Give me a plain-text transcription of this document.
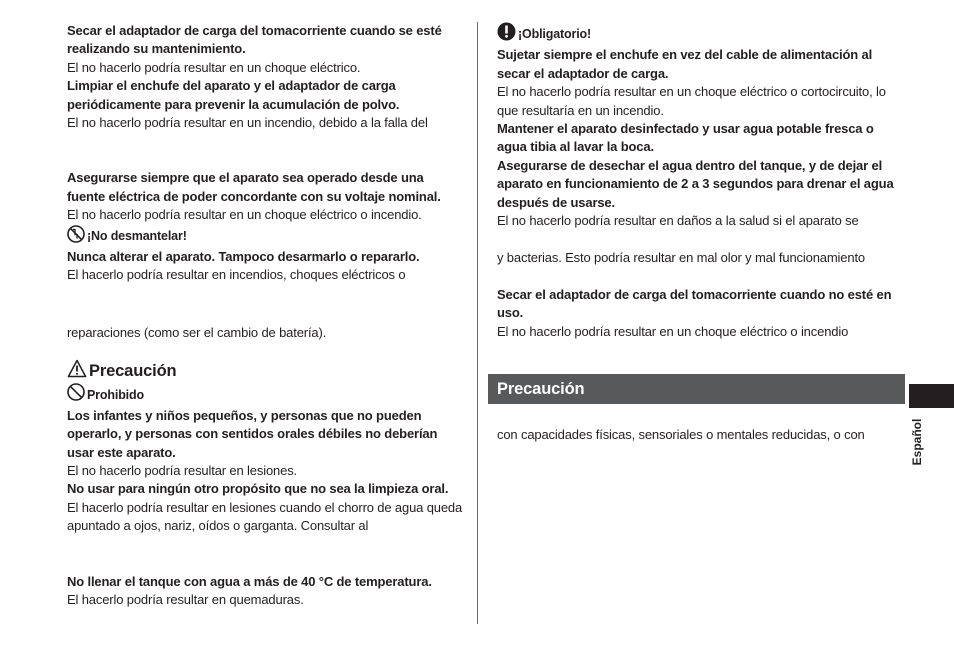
Secar el adaptador de carga del tomacorriente cuando se esté realizando su mantenimiento.

El no hacerlo podría resultar en un choque eléctrico.

Limpiar el enchufe del aparato y el adaptador de carga periódicamente para prevenir la acumulación de polvo.

El no hacerlo podría resultar en un incendio, debido a la falla del

Asegurarse siempre que el aparato sea operado desde una fuente eléctrica de poder concordante con su voltaje nominal.

El no hacerlo podría resultar en un choque eléctrico o incendio.

¡No desmantelar!

Nunca alterar el aparato. Tampoco desarmarlo o repararlo.

El hacerlo podría resultar en incendios, choques eléctricos o

reparaciones (como ser el cambio de batería).

Precaución
Prohibido

Los infantes y niños pequeños, y personas que no pueden operarlo, y personas con sentidos orales débiles no deberían usar este aparato.

El no hacerlo podría resultar en lesiones.

No usar para ningún otro propósito que no sea la limpieza oral.

El hacerlo podría resultar en lesiones cuando el chorro de agua queda apuntado a ojos, nariz, oídos o garganta. Consultar al

No llenar el tanque con agua a más de 40 °C de temperatura.

El hacerlo podría resultar en quemaduras.

¡Obligatorio!

Sujetar siempre el enchufe en vez del cable de alimentación al secar el adaptador de carga.

El no hacerlo podría resultar en un choque eléctrico o cortocircuito, lo que resultaría en un incendio.

Mantener el aparato desinfectado y usar agua potable fresca o agua tibia al lavar la boca.

Asegurarse de desechar el agua dentro del tanque, y de dejar el aparato en funcionamiento de 2 a 3 segundos para drenar el agua después de usarse.

El no hacerlo podría resultar en daños a la salud si el aparato se

y bacterias. Esto podría resultar en mal olor y mal funcionamiento

Secar el adaptador de carga del tomacorriente cuando no esté en uso.

El no hacerlo podría resultar en un choque eléctrico o incendio

Precaución

con capacidades físicas, sensoriales o mentales reducidas, o con	Español
